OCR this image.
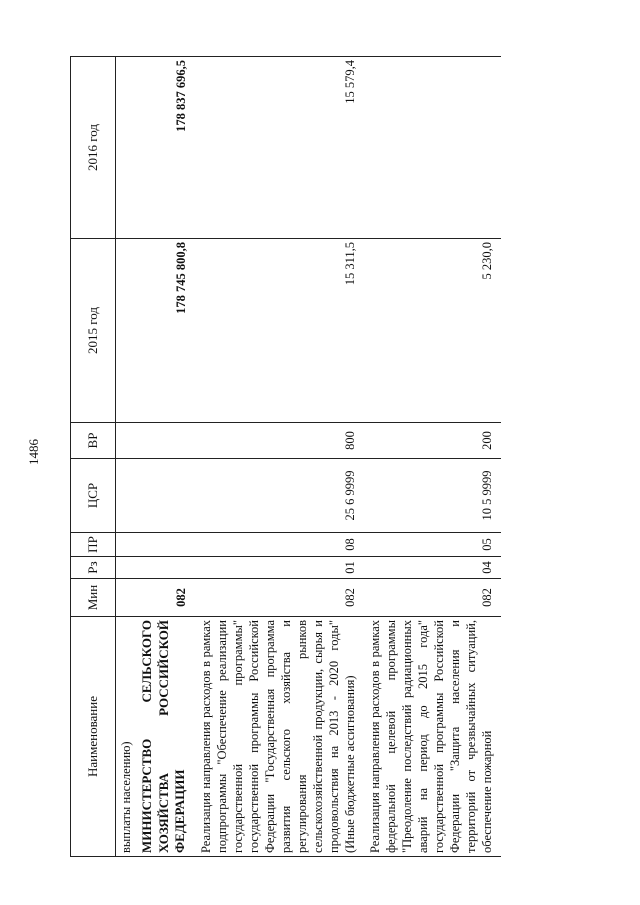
1486
Наименование	Мин	Рз	ПР	ЦСР	ВР	2015 год	2016 год
выплаты населению)							
МИНИСТЕРСТВО СЕЛЬСКОГО ХОЗЯЙСТВА РОССИЙСКОЙ ФЕДЕРАЦИИ	082					178 745 800,8	178 837 696,5
Реализация направления расходов в рамках подпрограммы "Обеспечение реализации государственной программы" государственной программы Российской Федерации "Государственная программа развития сельского хозяйства и регулирования рынков сельскохозяйственной продукции, сырья и продовольствия на 2013 - 2020 годы" (Иные бюджетные ассигнования)	082	01	08	25 6 9999	800	15 311,5	15 579,4
Реализация направления расходов в рамках федеральной целевой программы "Преодоление последствий радиационных аварий на период до 2015 года" государственной программы Российской Федерации "Защита населения и территорий от чрезвычайных ситуаций, обеспечение пожарной	082	04	05	10 5 9999	200	5 230,0	
